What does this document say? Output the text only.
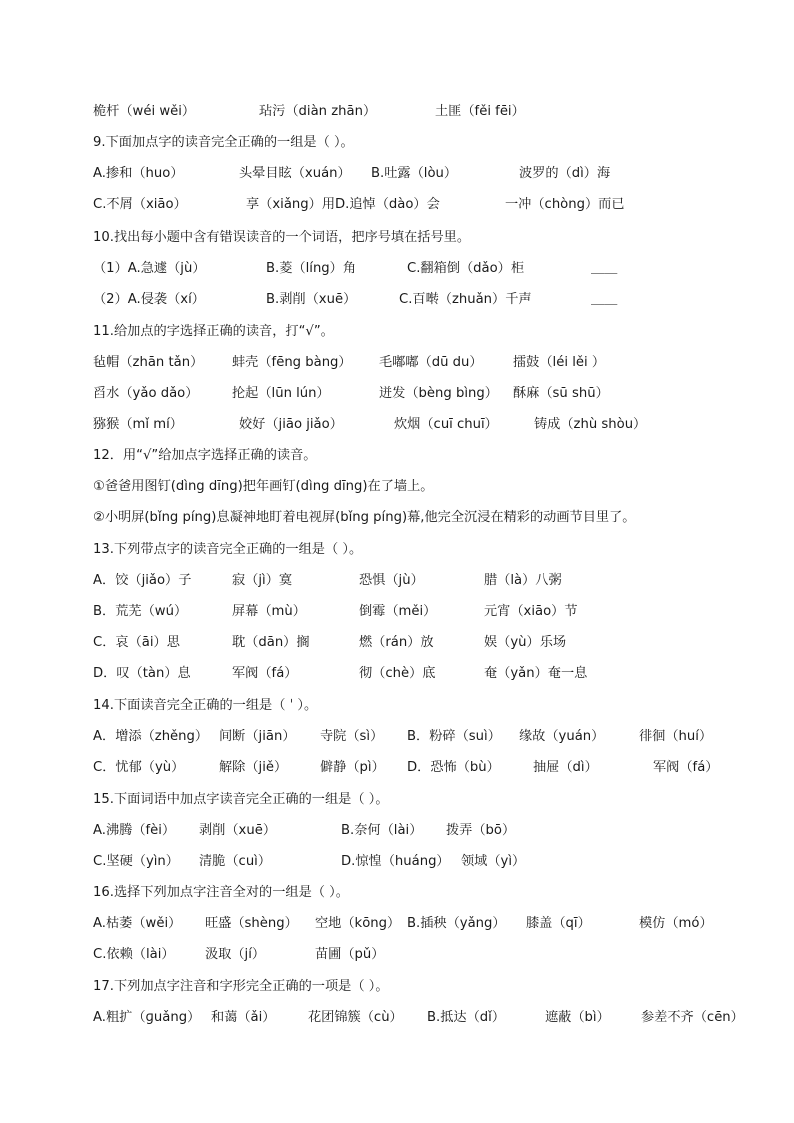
桅杆（wéi wěi）	玷污（diàn zhān）	土匪（fěi fēi）
9.下面加点字的读音完全正确的一组是（ ）。
A.掺和（huo）	头晕目眩（xuán） B.吐露（lòu）	波罗的（dì）海
C.不屑（xiāo）	享（xiǎng）用 D.追悼（dào）会	一冲（chòng）而已
10.找出每小题中含有错误读音的一个词语，把序号填在括号里。
（1）A.急遽（jù）	B.菱（líng）角	C.翻箱倒（dǎo）柜	＿＿
（2）A.侵袭（xí）	B.剥削（xuē）	C.百啭（zhuǎn）千声	＿＿
11.给加点的字选择正确的读音，打“√”。
毡帽（zhān tǎn） 蚌壳（fēng bàng） 毛嘟嘟（dū du） 擂鼓（léi lěi ）
舀水（yǎo dǎo）	抡起（lūn lún）	迸发（bèng bìng） 酥麻（sū shū）
猕猴（mǐ mí）	姣好（jiāo jiǎo）	炊烟（cuī chuī）	铸成（zhù shòu）
12．用“√”给加点字选择正确的读音。
①爸爸用图钉(dìng dīng)把年画钉(dìng dīng)在了墙上。
②小明屏(bǐng píng)息凝神地盯着电视屏(bǐng píng)幕,他完全沉浸在精彩的动画节目里了。
13.下列带点字的读音完全正确的一组是（ ）。
A．饺（jiǎo）子	寂（jì）寞	恐惧（jù）	腊（là）八粥
B．荒芜（wú）	屏幕（mù）	倒霉（měi）	元宵（xiāo）节
C．哀（āi）思	耽（dān）搁	燃（rán）放	娱（yù）乐场
D．叹（tàn）息	军阀（fá）	彻（chè）底	奄（yǎn）奄一息
14.下面读音完全正确的一组是（ ˈ ）。
A．增添（zhěng） 间断（jiān） 寺院（sì） B．粉碎（suì） 缘故（yuán）	徘徊（huí）
C．忧郁（yù）	解除（jiě） 僻静（pì） D．恐怖（bù）	抽屉（dì）	军阀（fá）
15.下面词语中加点字读音完全正确的一组是（ ）。
A.沸腾（fèi） 剥削（xuē）	B.奈何（lài） 拨弄（bō）
C.坚硬（yìn） 清脆（cuì）	D.惊惶（huáng） 领域（yì）
16.选择下列加点字注音全对的一组是（ ）。
A.枯萎（wěi） 旺盛（shèng） 空地（kōng） B.插秧（yǎng） 膝盖（qī）	模仿（mó）
C.依赖（lài） 汲取（jí）	苗圃（pǔ）
17.下列加点字注音和字形完全正确的一项是（ ）。
A.粗扩（ɡuǎng） 和蔼（ǎi） 花团锦簇（cù） B.抵达（dǐ）	遮蔽（bì） 参差不齐（cēn）
